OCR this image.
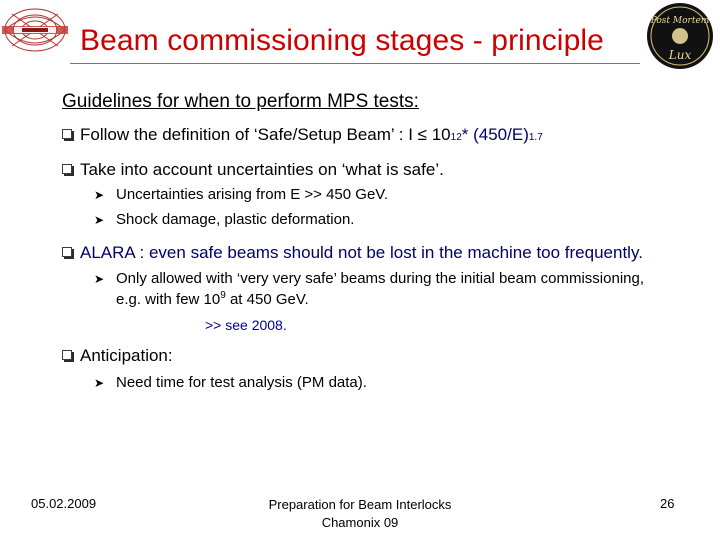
Beam commissioning stages - principle
Post Mortem
Lux
Guidelines for when to perform MPS tests:
Follow the definition of ‘Safe/Setup Beam’ : I ≤ 10 12 * (450/E) 1.7
Take into account uncertainties on ‘what is safe’.
➤ Uncertainties arising from E >> 450 GeV.
➤ Shock damage, plastic deformation.
ALARA : even safe beams should not be lost in the machine too frequently.
➤ Only allowed with ‘very very safe’ beams during the initial beam commissioning,
e.g. with few $10^9$ at 450 GeV.
>> see 2008.
Anticipation:
➤ Need time for test analysis (PM data).
05.02.2009	Preparation for Beam Interlocks
Chamonix 09
26
